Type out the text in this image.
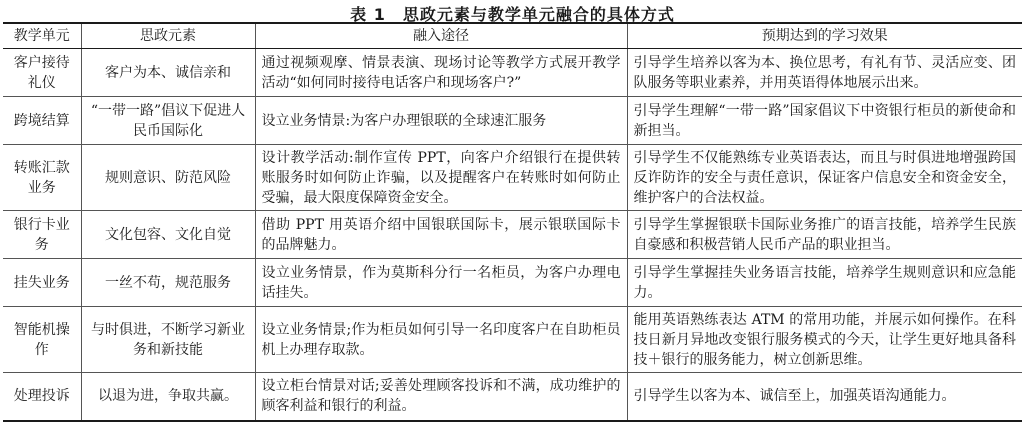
表 1　思政元素与教学单元融合的具体方式
教学单元	思政元素	融入途径	预期达到的学习效果
客户接待礼仪	客户为本、诚信亲和	通过视频观摩、情景表演、现场讨论等教学方式展开教学活动“如何同时接待电话客户和现场客户?”	引导学生培养以客为本、换位思考，有礼有节、灵活应变、团队服务等职业素养，并用英语得体地展示出来。
跨境结算	“一带一路”倡议下促进人民币国际化	设立业务情景:为客户办理银联的全球速汇服务	引导学生理解“一带一路”国家倡议下中资银行柜员的新使命和新担当。
转账汇款业务	规则意识、防范风险	设计教学活动:制作宣传 PPT，向客户介绍银行在提供转账服务时如何防止诈骗，以及提醒客户在转账时如何防止受骗，最大限度保障资金安全。	引导学生不仅能熟练专业英语表达，而且与时俱进地增强跨国反诈防诈的安全与责任意识，保证客户信息安全和资金安全，维护客户的合法权益。
银行卡业务	文化包容、文化自觉	借助 PPT 用英语介绍中国银联国际卡，展示银联国际卡的品牌魅力。	引导学生掌握银联卡国际业务推广的语言技能，培养学生民族自豪感和积极营销人民币产品的职业担当。
挂失业务	一丝不苟，规范服务	设立业务情景，作为莫斯科分行一名柜员，为客户办理电话挂失。	引导学生掌握挂失业务语言技能，培养学生规则意识和应急能力。
智能机操作	与时俱进，不断学习新业务和新技能	设立业务情景;作为柜员如何引导一名印度客户在自助柜员机上办理存取款。	能用英语熟练表达 ATM 的常用功能，并展示如何操作。在科技日新月异地改变银行服务模式的今天，让学生更好地具备科技＋银行的服务能力，树立创新思维。
处理投诉	以退为进，争取共赢。	设立柜台情景对话;妥善处理顾客投诉和不满，成功维护的顾客利益和银行的利益。	引导学生以客为本、诚信至上，加强英语沟通能力。
